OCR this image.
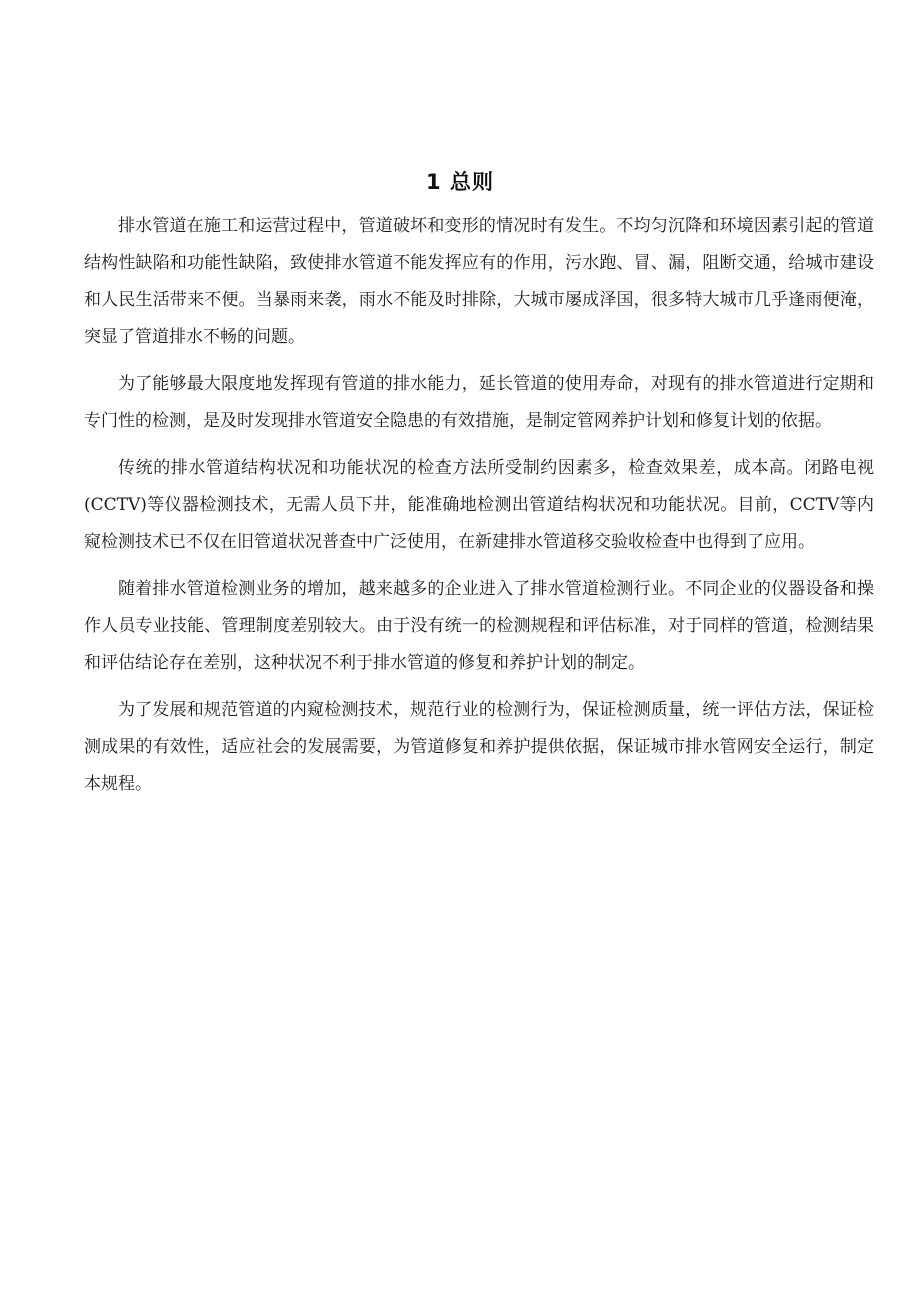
1 总则

排水管道在施工和运营过程中，管道破坏和变形的情况时有发生。不均匀沉降和环境因素引起的管道结构性缺陷和功能性缺陷，致使排水管道不能发挥应有的作用，污水跑、冒、漏，阻断交通，给城市建设和人民生活带来不便。当暴雨来袭，雨水不能及时排除，大城市屡成泽国，很多特大城市几乎逢雨便淹，突显了管道排水不畅的问题。

为了能够最大限度地发挥现有管道的排水能力，延长管道的使用寿命，对现有的排水管道进行定期和专门性的检测，是及时发现排水管道安全隐患的有效措施，是制定管网养护计划和修复计划的依据。

传统的排水管道结构状况和功能状况的检查方法所受制约因素多，检查效果差，成本高。闭路电视(CCTV)等仪器检测技术，无需人员下井，能准确地检测出管道结构状况和功能状况。目前，CCTV等内窥检测技术已不仅在旧管道状况普查中广泛使用，在新建排水管道移交验收检查中也得到了应用。

随着排水管道检测业务的增加，越来越多的企业进入了排水管道检测行业。不同企业的仪器设备和操作人员专业技能、管理制度差别较大。由于没有统一的检测规程和评估标准，对于同样的管道，检测结果和评估结论存在差别，这种状况不利于排水管道的修复和养护计划的制定。

为了发展和规范管道的内窥检测技术，规范行业的检测行为，保证检测质量，统一评估方法，保证检测成果的有效性，适应社会的发展需要，为管道修复和养护提供依据，保证城市排水管网安全运行，制定本规程。
